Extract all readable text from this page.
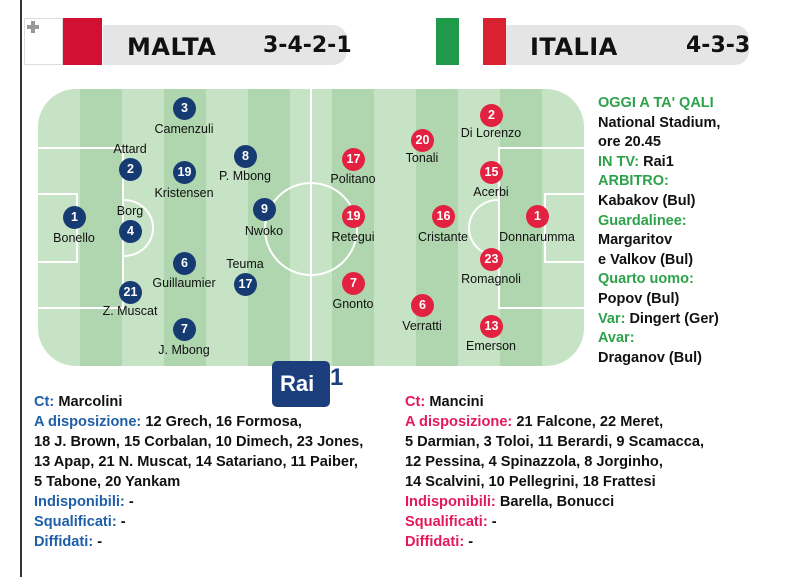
MALTA 3-4-2-1	ITALIA	4-3-3
3
Camenzuli
2
Attard
19
Kristensen
8
P. Mbong
1
Bonello	4
Borg	9
Nwoko
6
Guillaumier	17
Teuma
21
Z. Muscat
7
J. Mbong
2
Di Lorenzo
20
Tonali
17
Politano	15
Acerbi
19
Retegui
16
Cristante
1
Donnarumma
23
Romagnoli
7
Gnonto	6
Verratti	13
Emerson
Rai 1
OGGI A TA' QALI
National Stadium,
ore 20.45
IN TV: Rai1
ARBITRO:
Kabakov (Bul)
Guardalinee:
Margaritov
e Valkov (Bul)
Quarto uomo:
Popov (Bul)
Var: Dingert (Ger)
Avar:
Draganov (Bul)
Ct: Marcolini
A disposizione: 12 Grech, 16 Formosa,
18 J. Brown, 15 Corbalan, 10 Dimech, 23 Jones,
13 Apap, 21 N. Muscat, 14 Satariano, 11 Paiber,
5 Tabone, 20 Yankam
Indisponibili: -
Squalificati: -
Diffidati: -
Ct: Mancini
A disposizione: 21 Falcone, 22 Meret,
5 Darmian, 3 Toloi, 11 Berardi, 9 Scamacca,
12 Pessina, 4 Spinazzola, 8 Jorginho,
14 Scalvini, 10 Pellegrini, 18 Frattesi
Indisponibili: Barella, Bonucci
Squalificati: -
Diffidati: -
